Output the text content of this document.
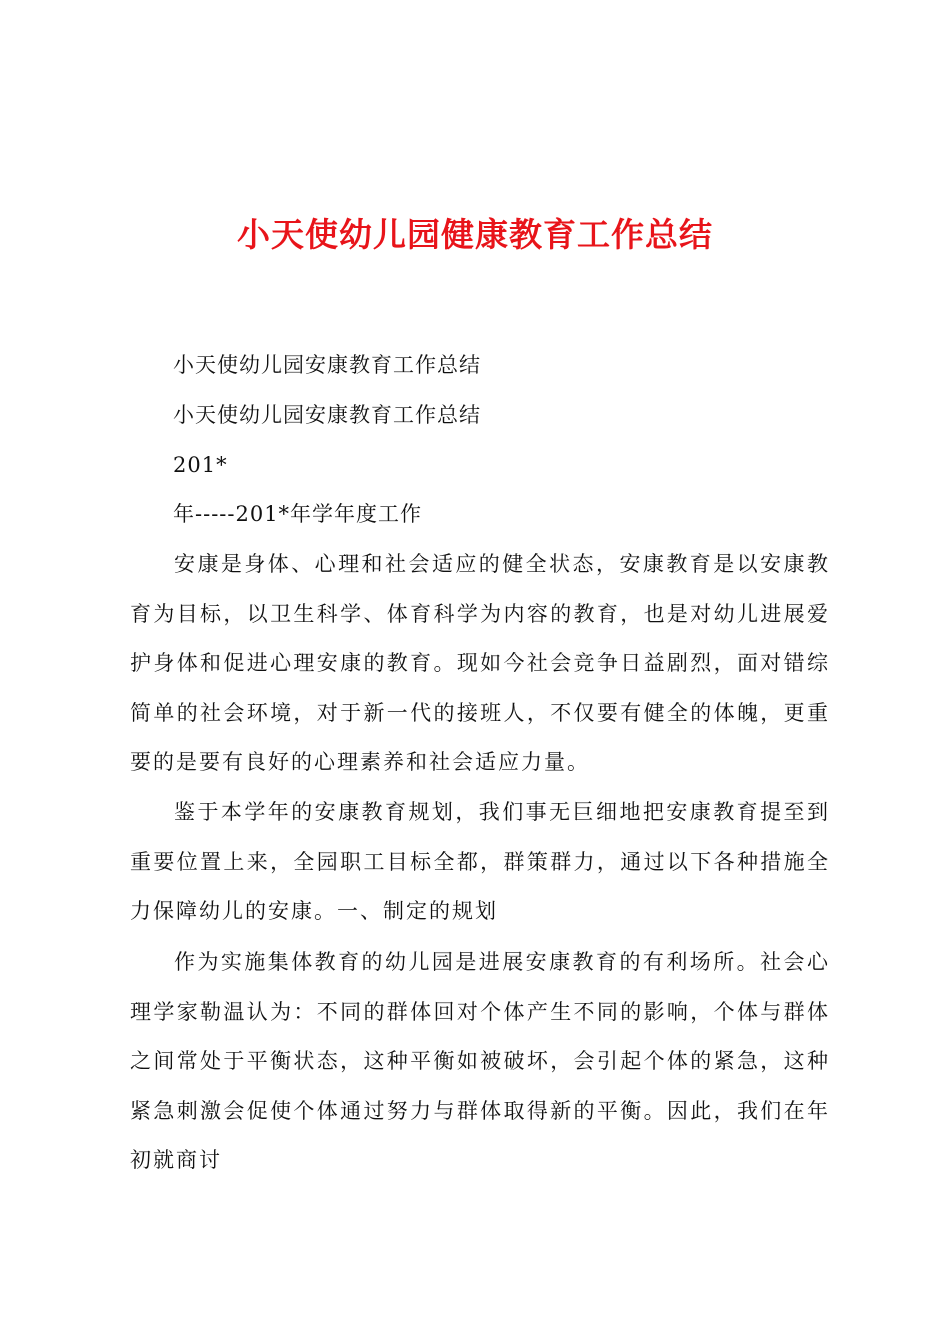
小天使幼儿园健康教育工作总结
小天使幼儿园安康教育工作总结
小天使幼儿园安康教育工作总结
201*
年-----201*年学年度工作

安康是身体、心理和社会适应的健全状态，安康教育是以安康教育为目标，以卫生科学、体育科学为内容的教育，也是对幼儿进展爱护身体和促进心理安康的教育。现如今社会竞争日益剧烈，面对错综简单的社会环境，对于新一代的接班人，不仅要有健全的体魄，更重要的是要有良好的心理素养和社会适应力量。

鉴于本学年的安康教育规划，我们事无巨细地把安康教育提至到重要位置上来，全园职工目标全都，群策群力，通过以下各种措施全力保障幼儿的安康。一、制定的规划

作为实施集体教育的幼儿园是进展安康教育的有利场所。社会心理学家勒温认为：不同的群体回对个体产生不同的影响，个体与群体之间常处于平衡状态，这种平衡如被破坏，会引起个体的紧急，这种紧急刺激会促使个体通过努力与群体取得新的平衡。因此，我们在年初就商讨
